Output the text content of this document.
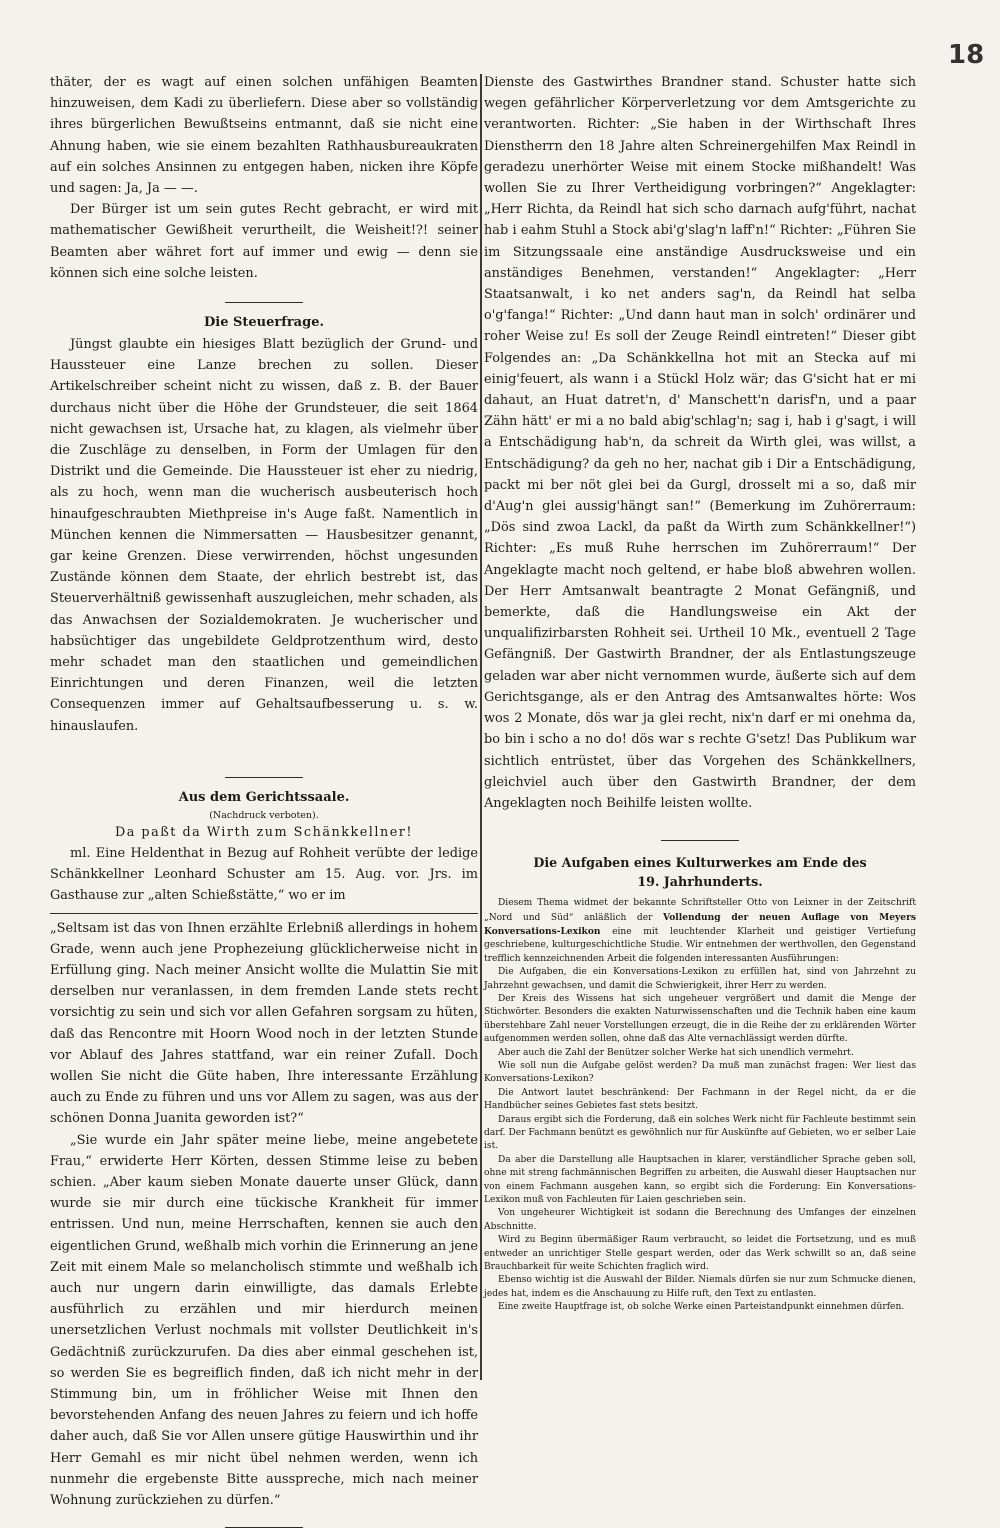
18

thäter, der es wagt auf einen solchen unfähigen Beamten hinzuweisen, dem Kadi zu überliefern. Diese aber so vollständig ihres bürgerlichen Bewußtseins entmannt, daß sie nicht eine Ahnung haben, wie sie einem bezahlten Rathhausbureaukraten auf ein solches Ansinnen zu entgegen haben, nicken ihre Köpfe und sagen: Ja, Ja — —.

Der Bürger ist um sein gutes Recht gebracht, er wird mit mathematischer Gewißheit verurtheilt, die Weisheit!?! seiner Beamten aber währet fort auf immer und ewig — denn sie können sich eine solche leisten.

Die Steuerfrage.

Jüngst glaubte ein hiesiges Blatt bezüglich der Grund- und Haussteuer eine Lanze brechen zu sollen. Dieser Artikelschreiber scheint nicht zu wissen, daß z. B. der Bauer durchaus nicht über die Höhe der Grundsteuer, die seit 1864 nicht gewachsen ist, Ursache hat, zu klagen, als vielmehr über die Zuschläge zu denselben, in Form der Umlagen für den Distrikt und die Gemeinde. Die Haussteuer ist eher zu niedrig, als zu hoch, wenn man die wucherisch ausbeuterisch hoch hinaufgeschraubten Miethpreise in's Auge faßt. Namentlich in München kennen die Nimmersatten — Hausbesitzer genannt, gar keine Grenzen. Diese verwirrenden, höchst ungesunden Zustände können dem Staate, der ehrlich bestrebt ist, das Steuerverhältniß gewissenhaft auszugleichen, mehr schaden, als das Anwachsen der Sozialdemokraten. Je wucherischer und habsüchtiger das ungebildete Geldprotzenthum wird, desto mehr schadet man den staatlichen und gemeindlichen Einrichtungen und deren Finanzen, weil die letzten Consequenzen immer auf Gehaltsaufbesserung u. s. w. hinauslaufen.

Aus dem Gerichtssaale.
(Nachdruck verboten).
Da paßt da Wirth zum Schänkkellner!

ml. Eine Heldenthat in Bezug auf Rohheit verübte der ledige Schänkkellner Leonhard Schuster am 15. Aug. vor. Jrs. im Gasthause zur „alten Schießstätte,“ wo er im

„Seltsam ist das von Ihnen erzählte Erlebniß allerdings in hohem Grade, wenn auch jene Prophezeiung glücklicherweise nicht in Erfüllung ging. Nach meiner Ansicht wollte die Mulattin Sie mit derselben nur veranlassen, in dem fremden Lande stets recht vorsichtig zu sein und sich vor allen Gefahren sorgsam zu hüten, daß das Rencontre mit Hoorn Wood noch in der letzten Stunde vor Ablauf des Jahres stattfand, war ein reiner Zufall. Doch wollen Sie nicht die Güte haben, Ihre interessante Erzählung auch zu Ende zu führen und uns vor Allem zu sagen, was aus der schönen Donna Juanita geworden ist?“

„Sie wurde ein Jahr später meine liebe, meine angebetete Frau,“ erwiderte Herr Körten, dessen Stimme leise zu beben schien. „Aber kaum sieben Monate dauerte unser Glück, dann wurde sie mir durch eine tückische Krankheit für immer entrissen. Und nun, meine Herrschaften, kennen sie auch den eigentlichen Grund, weßhalb mich vorhin die Erinnerung an jene Zeit mit einem Male so melancholisch stimmte und weßhalb ich auch nur ungern darin einwilligte, das damals Erlebte ausführlich zu erzählen und mir hierdurch meinen unersetzlichen Verlust nochmals mit vollster Deutlichkeit in's Gedächtniß zurückzurufen. Da dies aber einmal geschehen ist, so werden Sie es begreiflich finden, daß ich nicht mehr in der Stimmung bin, um in fröhlicher Weise mit Ihnen den bevorstehenden Anfang des neuen Jahres zu feiern und ich hoffe daher auch, daß Sie vor Allen unsere gütige Hauswirthin und ihr Herr Gemahl es mir nicht übel nehmen werden, wenn ich nunmehr die ergebenste Bitte ausspreche, mich nach meiner Wohnung zurückziehen zu dürfen.“

Dienste des Gastwirthes Brandner stand. Schuster hatte sich wegen gefährlicher Körperverletzung vor dem Amtsgerichte zu verantworten. Richter: „Sie haben in der Wirthschaft Ihres Dienstherrn den 18 Jahre alten Schreinergehilfen Max Reindl in geradezu unerhörter Weise mit einem Stocke mißhandelt! Was wollen Sie zu Ihrer Vertheidigung vorbringen?“ Angeklagter: „Herr Richta, da Reindl hat sich scho darnach aufg'führt, nachat hab i eahm Stuhl a Stock abi'g'slag'n laff'n!“ Richter: „Führen Sie im Sitzungssaale eine anständige Ausdrucksweise und ein anständiges Benehmen, verstanden!“ Angeklagter: „Herr Staatsanwalt, i ko net anders sag'n, da Reindl hat selba o'g'fanga!“ Richter: „Und dann haut man in solch' ordinärer und roher Weise zu! Es soll der Zeuge Reindl eintreten!“ Dieser gibt Folgendes an: „Da Schänkkellna hot mit an Stecka auf mi einig'feuert, als wann i a Stückl Holz wär; das G'sicht hat er mi dahaut, an Huat datret'n, d' Manschett'n darisf'n, und a paar Zähn hätt' er mi a no bald abig'schlag'n; sag i, hab i g'sagt, i will a Entschädigung hab'n, da schreit da Wirth glei, was willst, a Entschädigung? da geh no her, nachat gib i Dir a Entschädigung, packt mi ber nöt glei bei da Gurgl, drosselt mi a so, daß mir d'Aug'n glei aussig'hängt san!“ (Bemerkung im Zuhörerraum: „Dös sind zwoa Lackl, da paßt da Wirth zum Schänkkellner!“) Richter: „Es muß Ruhe herrschen im Zuhörerraum!“ Der Angeklagte macht noch geltend, er habe bloß abwehren wollen. Der Herr Amtsanwalt beantragte 2 Monat Gefängniß, und bemerkte, daß die Handlungsweise ein Akt der unqualifizirbarsten Rohheit sei. Urtheil 10 Mk., eventuell 2 Tage Gefängniß. Der Gastwirth Brandner, der als Entlastungszeuge geladen war aber nicht vernommen wurde, äußerte sich auf dem Gerichtsgange, als er den Antrag des Amtsanwaltes hörte: Wos wos 2 Monate, dös war ja glei recht, nix'n darf er mi onehma da, bo bin i scho a no do! dös war s rechte G'setz! Das Publikum war sichtlich entrüstet, über das Vorgehen des Schänkkellners, gleichviel auch über den Gastwirth Brandner, der dem Angeklagten noch Beihilfe leisten wollte.

Die Aufgaben eines Kulturwerkes am Ende des
19. Jahrhunderts.

Diesem Thema widmet der bekannte Schriftsteller Otto von Leixner in der Zeitschrift „Nord und Süd“ anläßlich der Vollendung der neuen Auflage von Meyers Konversations-Lexikon eine mit leuchtender Klarheit und geistiger Vertiefung geschriebene, kulturgeschichtliche Studie. Wir entnehmen der werthvollen, den Gegenstand trefflich kennzeichnenden Arbeit die folgenden interessanten Ausführungen:

Die Aufgaben, die ein Konversations-Lexikon zu erfüllen hat, sind von Jahrzehnt zu Jahrzehnt gewachsen, und damit die Schwierigkeit, ihrer Herr zu werden.

Der Kreis des Wissens hat sich ungeheuer vergrößert und damit die Menge der Stichwörter. Besonders die exakten Naturwissenschaften und die Technik haben eine kaum überstehbare Zahl neuer Vorstellungen erzeugt, die in die Reihe der zu erklärenden Wörter aufgenommen werden sollen, ohne daß das Alte vernachlässigt werden dürfte.

Aber auch die Zahl der Benützer solcher Werke hat sich unendlich vermehrt.

Wie soll nun die Aufgabe gelöst werden? Da muß man zunächst fragen: Wer liest das Konversations-Lexikon?

Die Antwort lautet beschränkend: Der Fachmann in der Regel nicht, da er die Handbücher seines Gebietes fast stets besitzt.

Daraus ergibt sich die Forderung, daß ein solches Werk nicht für Fachleute bestimmt sein darf. Der Fachmann benützt es gewöhnlich nur für Auskünfte auf Gebieten, wo er selber Laie ist.

Da aber die Darstellung alle Hauptsachen in klarer, verständlicher Sprache geben soll, ohne mit streng fachmännischen Begriffen zu arbeiten, die Auswahl dieser Hauptsachen nur von einem Fachmann ausgehen kann, so ergibt sich die Forderung: Ein Konversations-Lexikon muß von Fachleuten für Laien geschrieben sein.

Von ungeheurer Wichtigkeit ist sodann die Berechnung des Umfanges der einzelnen Abschnitte.

Wird zu Beginn übermäßiger Raum verbraucht, so leidet die Fortsetzung, und es muß entweder an unrichtiger Stelle gespart werden, oder das Werk schwillt so an, daß seine Brauchbarkeit für weite Schichten fraglich wird.

Ebenso wichtig ist die Auswahl der Bilder. Niemals dürfen sie nur zum Schmucke dienen, jedes hat, indem es die Anschauung zu Hilfe ruft, den Text zu entlasten.

Eine zweite Hauptfrage ist, ob solche Werke einen Parteistandpunkt einnehmen dürfen.
